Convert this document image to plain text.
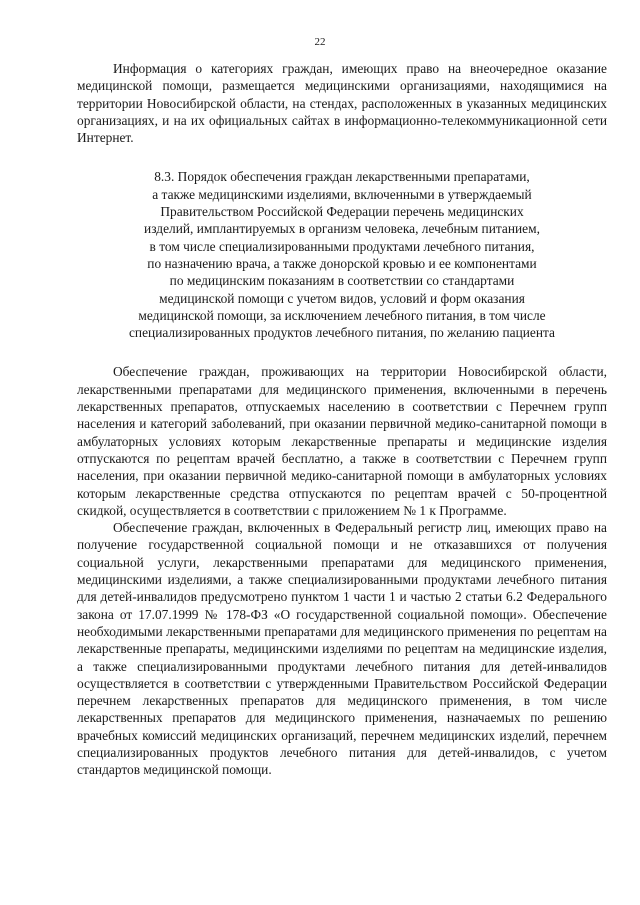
22

Информация о категориях граждан, имеющих право на внеочередное оказание медицинской помощи, размещается медицинскими организациями, находящимися на территории Новосибирской области, на стендах, расположенных в указанных медицинских организациях, и на их официальных сайтах в информационно-телекоммуникационной сети Интернет.

8.3. Порядок обеспечения граждан лекарственными препаратами,
а также медицинскими изделиями, включенными в утверждаемый
Правительством Российской Федерации перечень медицинских
изделий, имплантируемых в организм человека, лечебным питанием,
в том числе специализированными продуктами лечебного питания,
по назначению врача, а также донорской кровью и ее компонентами
по медицинским показаниям в соответствии со стандартами
медицинской помощи с учетом видов, условий и форм оказания
медицинской помощи, за исключением лечебного питания, в том числе
специализированных продуктов лечебного питания, по желанию пациента

Обеспечение граждан, проживающих на территории Новосибирской области, лекарственными препаратами для медицинского применения, включенными в перечень лекарственных препаратов, отпускаемых населению в соответствии с Перечнем групп населения и категорий заболеваний, при оказании первичной медико-санитарной помощи в амбулаторных условиях которым лекарственные препараты и медицинские изделия отпускаются по рецептам врачей бесплатно, а также в соответствии с Перечнем групп населения, при оказании первичной медико-санитарной помощи в амбулаторных условиях которым лекарственные средства отпускаются по рецептам врачей с 50-процентной скидкой, осуществляется в соответствии с приложением № 1 к Программе.

Обеспечение граждан, включенных в Федеральный регистр лиц, имеющих право на получение государственной социальной помощи и не отказавшихся от получения социальной услуги, лекарственными препаратами для медицинского применения, медицинскими изделиями, а также специализированными продуктами лечебного питания для детей-инвалидов предусмотрено пунктом 1 части 1 и частью 2 статьи 6.2 Федерального закона от 17.07.1999 № 178-ФЗ «О государственной социальной помощи». Обеспечение необходимыми лекарственными препаратами для медицинского применения по рецептам на лекарственные препараты, медицинскими изделиями по рецептам на медицинские изделия, а также специализированными продуктами лечебного питания для детей-инвалидов осуществляется в соответствии с утвержденными Правительством Российской Федерации перечнем лекарственных препаратов для медицинского применения, в том числе лекарственных препаратов для медицинского применения, назначаемых по решению врачебных комиссий медицинских организаций, перечнем медицинских изделий, перечнем специализированных продуктов лечебного питания для детей-инвалидов, с учетом стандартов медицинской помощи.
